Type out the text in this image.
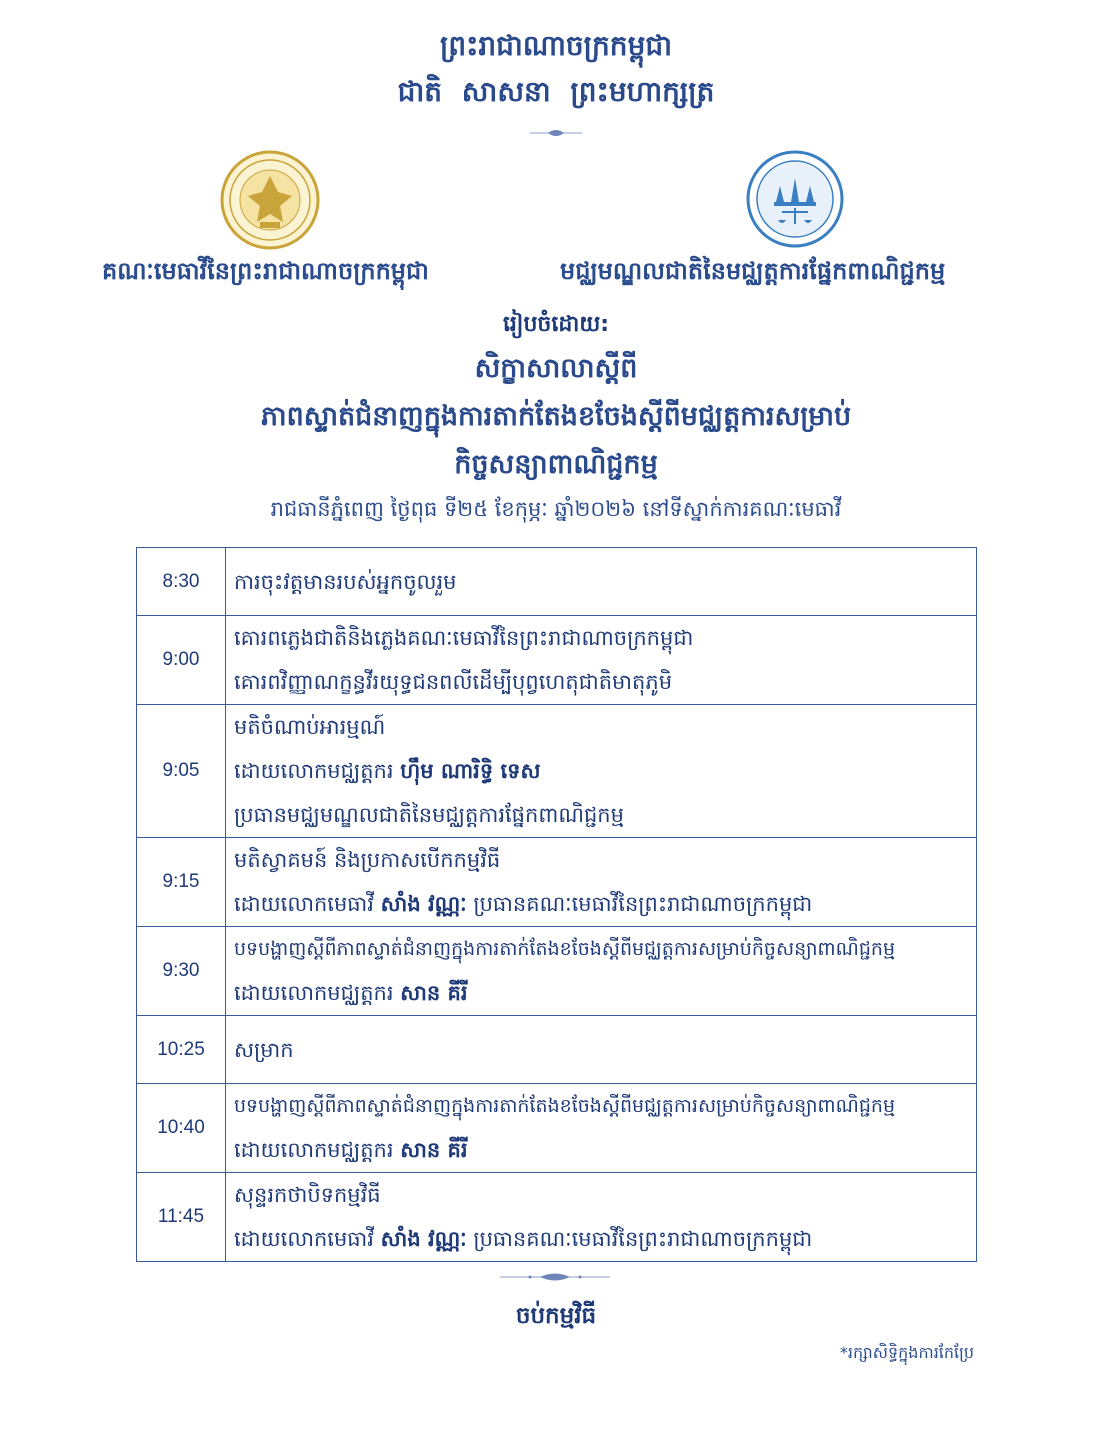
ព្រះរាជាណាចក្រកម្ពុជា
ជាតិ សាសនា ព្រះមហាក្សត្រ
គណៈមេធាវីនៃព្រះរាជាណាចក្រកម្ពុជា	មជ្ឈមណ្ឌលជាតិនៃមជ្ឈត្តការផ្នែកពាណិជ្ជកម្ម
រៀបចំដោយ:
សិក្ខាសាលាស្តីពី
ភាពស្ទាត់ជំនាញក្នុងការតាក់តែងខចែងស្តីពីមជ្ឈត្តការសម្រាប់
កិច្ចសន្យាពាណិជ្ជកម្ម
រាជធានីភ្នំពេញ ថ្ងៃពុធ ទី២៥ ខែកុម្ភៈ ឆ្នាំ២០២៦ នៅទីស្នាក់ការគណៈមេធាវី
8:30	ការចុះវត្តមានរបស់អ្នកចូលរួម

9:00	គោរពភ្លេងជាតិនិងភ្លេងគណៈមេធាវីនៃព្រះរាជាណាចក្រកម្ពុជា
គោរពវិញ្ញាណក្ខន្ធវីរយុទ្ធជនពលីដើម្បីបុព្វហេតុជាតិមាតុភូមិ

9:05	មតិចំណាប់អារម្មណ៍
ដោយលោកមជ្ឈត្តករ ហ៊ឹម ណារិទ្ធិ ទេស
ប្រធានមជ្ឈមណ្ឌលជាតិនៃមជ្ឈត្តការផ្នែកពាណិជ្ជកម្ម

9:15	មតិស្វាគមន៍ និងប្រកាសបើកកម្មវិធី
ដោយលោកមេធាវី សាំង វណ្ណៈ ប្រធានគណៈមេធាវីនៃព្រះរាជាណាចក្រកម្ពុជា

9:30	បទបង្ហាញស្តីពីភាពស្ទាត់ជំនាញក្នុងការតាក់តែងខចែងស្តីពីមជ្ឈត្តការសម្រាប់កិច្ចសន្យាពាណិជ្ជកម្ម
ដោយលោកមជ្ឈត្តករ សាន គីរី

10:25	សម្រាក

10:40	បទបង្ហាញស្តីពីភាពស្ទាត់ជំនាញក្នុងការតាក់តែងខចែងស្តីពីមជ្ឈត្តការសម្រាប់កិច្ចសន្យាពាណិជ្ជកម្ម
ដោយលោកមជ្ឈត្តករ សាន គីរី

11:45	សុន្ទរកថាបិទកម្មវិធី
ដោយលោកមេធាវី សាំង វណ្ណៈ ប្រធានគណៈមេធាវីនៃព្រះរាជាណាចក្រកម្ពុជា
ចប់កម្មវិធី
*រក្សាសិទ្ធិក្នុងការកែប្រែ
